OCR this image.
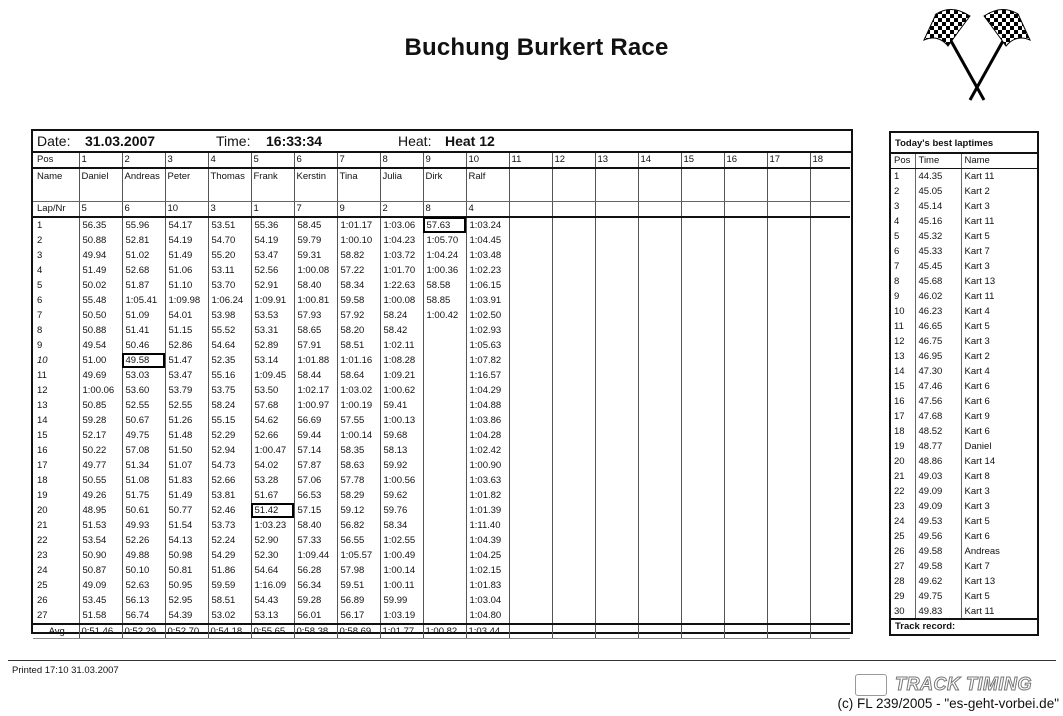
Buchung Burkert Race
Date: 31.03.2007	Time: 16:33:34	Heat: Heat 12
Pos	1	2	3	4	5	6	7	8	9	10	11	12	13	14	15	16	17	18
Name	Daniel	Andreas	Peter	Thomas	Frank	Kerstin	Tina	Julia	Dirk	Ralf								
Lap/Nr	5	6	10	3	1	7	9	2	8	4								
1	56.35	55.96	54.17	53.51	55.36	58.45	1:01.17	1:03.06	57.63	1:03.24								
2	50.88	52.81	54.19	54.70	54.19	59.79	1:00.10	1:04.23	1:05.70	1:04.45								
3	49.94	51.02	51.49	55.20	53.47	59.31	58.82	1:03.72	1:04.24	1:03.48								
4	51.49	52.68	51.06	53.11	52.56	1:00.08	57.22	1:01.70	1:00.36	1:02.23								
5	50.02	51.87	51.10	53.70	52.91	58.40	58.34	1:22.63	58.58	1:06.15								
6	55.48	1:05.41	1:09.98	1:06.24	1:09.91	1:00.81	59.58	1:00.08	58.85	1:03.91								
7	50.50	51.09	54.01	53.98	53.53	57.93	57.92	58.24	1:00.42	1:02.50								
8	50.88	51.41	51.15	55.52	53.31	58.65	58.20	58.42		1:02.93								
9	49.54	50.46	52.86	54.64	52.89	57.91	58.51	1:02.11		1:05.63								
10	51.00	49.58	51.47	52.35	53.14	1:01.88	1:01.16	1:08.28		1:07.82								
11	49.69	53.03	53.47	55.16	1:09.45	58.44	58.64	1:09.21		1:16.57								
12	1:00.06	53.60	53.79	53.75	53.50	1:02.17	1:03.02	1:00.62		1:04.29								
13	50.85	52.55	52.55	58.24	57.68	1:00.97	1:00.19	59.41		1:04.88								
14	59.28	50.67	51.26	55.15	54.62	56.69	57.55	1:00.13		1:03.86								
15	52.17	49.75	51.48	52.29	52.66	59.44	1:00.14	59.68		1:04.28								
16	50.22	57.08	51.50	52.94	1:00.47	57.14	58.35	58.13		1:02.42								
17	49.77	51.34	51.07	54.73	54.02	57.87	58.63	59.92		1:00.90								
18	50.55	51.08	51.83	52.66	53.28	57.06	57.78	1:00.56		1:03.63								
19	49.26	51.75	51.49	53.81	51.67	56.53	58.29	59.62		1:01.82								
20	48.95	50.61	50.77	52.46	51.42	57.15	59.12	59.76		1:01.39								
21	51.53	49.93	51.54	53.73	1:03.23	58.40	56.82	58.34		1:11.40								
22	53.54	52.26	54.13	52.24	52.90	57.33	56.55	1:02.55		1:04.39								
23	50.90	49.88	50.98	54.29	52.30	1:09.44	1:05.57	1:00.49		1:04.25								
24	50.87	50.10	50.81	51.86	54.64	56.28	57.98	1:00.14		1:02.15								
25	49.09	52.63	50.95	59.59	1:16.09	56.34	59.51	1:00.11		1:01.83								
26	53.45	56.13	52.95	58.51	54.43	59.28	56.89	59.99		1:03.04								
27	51.58	56.74	54.39	53.02	53.13	56.01	56.17	1:03.19		1:04.80								
Avg	0:51.46	0:52.29	0:52.70	0:54.18	0:55.65	0:58.38	0:58.69	1:01.77	1:00.82	1:03.44								
Today's best laptimes
Pos	Time	Name
1	44.35	Kart 11
2	45.05	Kart 2
3	45.14	Kart 3
4	45.16	Kart 11
5	45.32	Kart 5
6	45.33	Kart 7
7	45.45	Kart 3
8	45.68	Kart 13
9	46.02	Kart 11
10	46.23	Kart 4
11	46.65	Kart 5
12	46.75	Kart 3
13	46.95	Kart 2
14	47.30	Kart 4
15	47.46	Kart 6
16	47.56	Kart 6
17	47.68	Kart 9
18	48.52	Kart 6
19	48.77	Daniel
20	48.86	Kart 14
21	49.03	Kart 8
22	49.09	Kart 3
23	49.09	Kart 3
24	49.53	Kart 5
25	49.56	Kart 6
26	49.58	Andreas
27	49.58	Kart 7
28	49.62	Kart 13
29	49.75	Kart 5
30	49.83	Kart 11
Track record:
Printed 17:10 31.03.2007
TRACK TIMING
(c) FL 239/2005 - "es-geht-vorbei.de"
